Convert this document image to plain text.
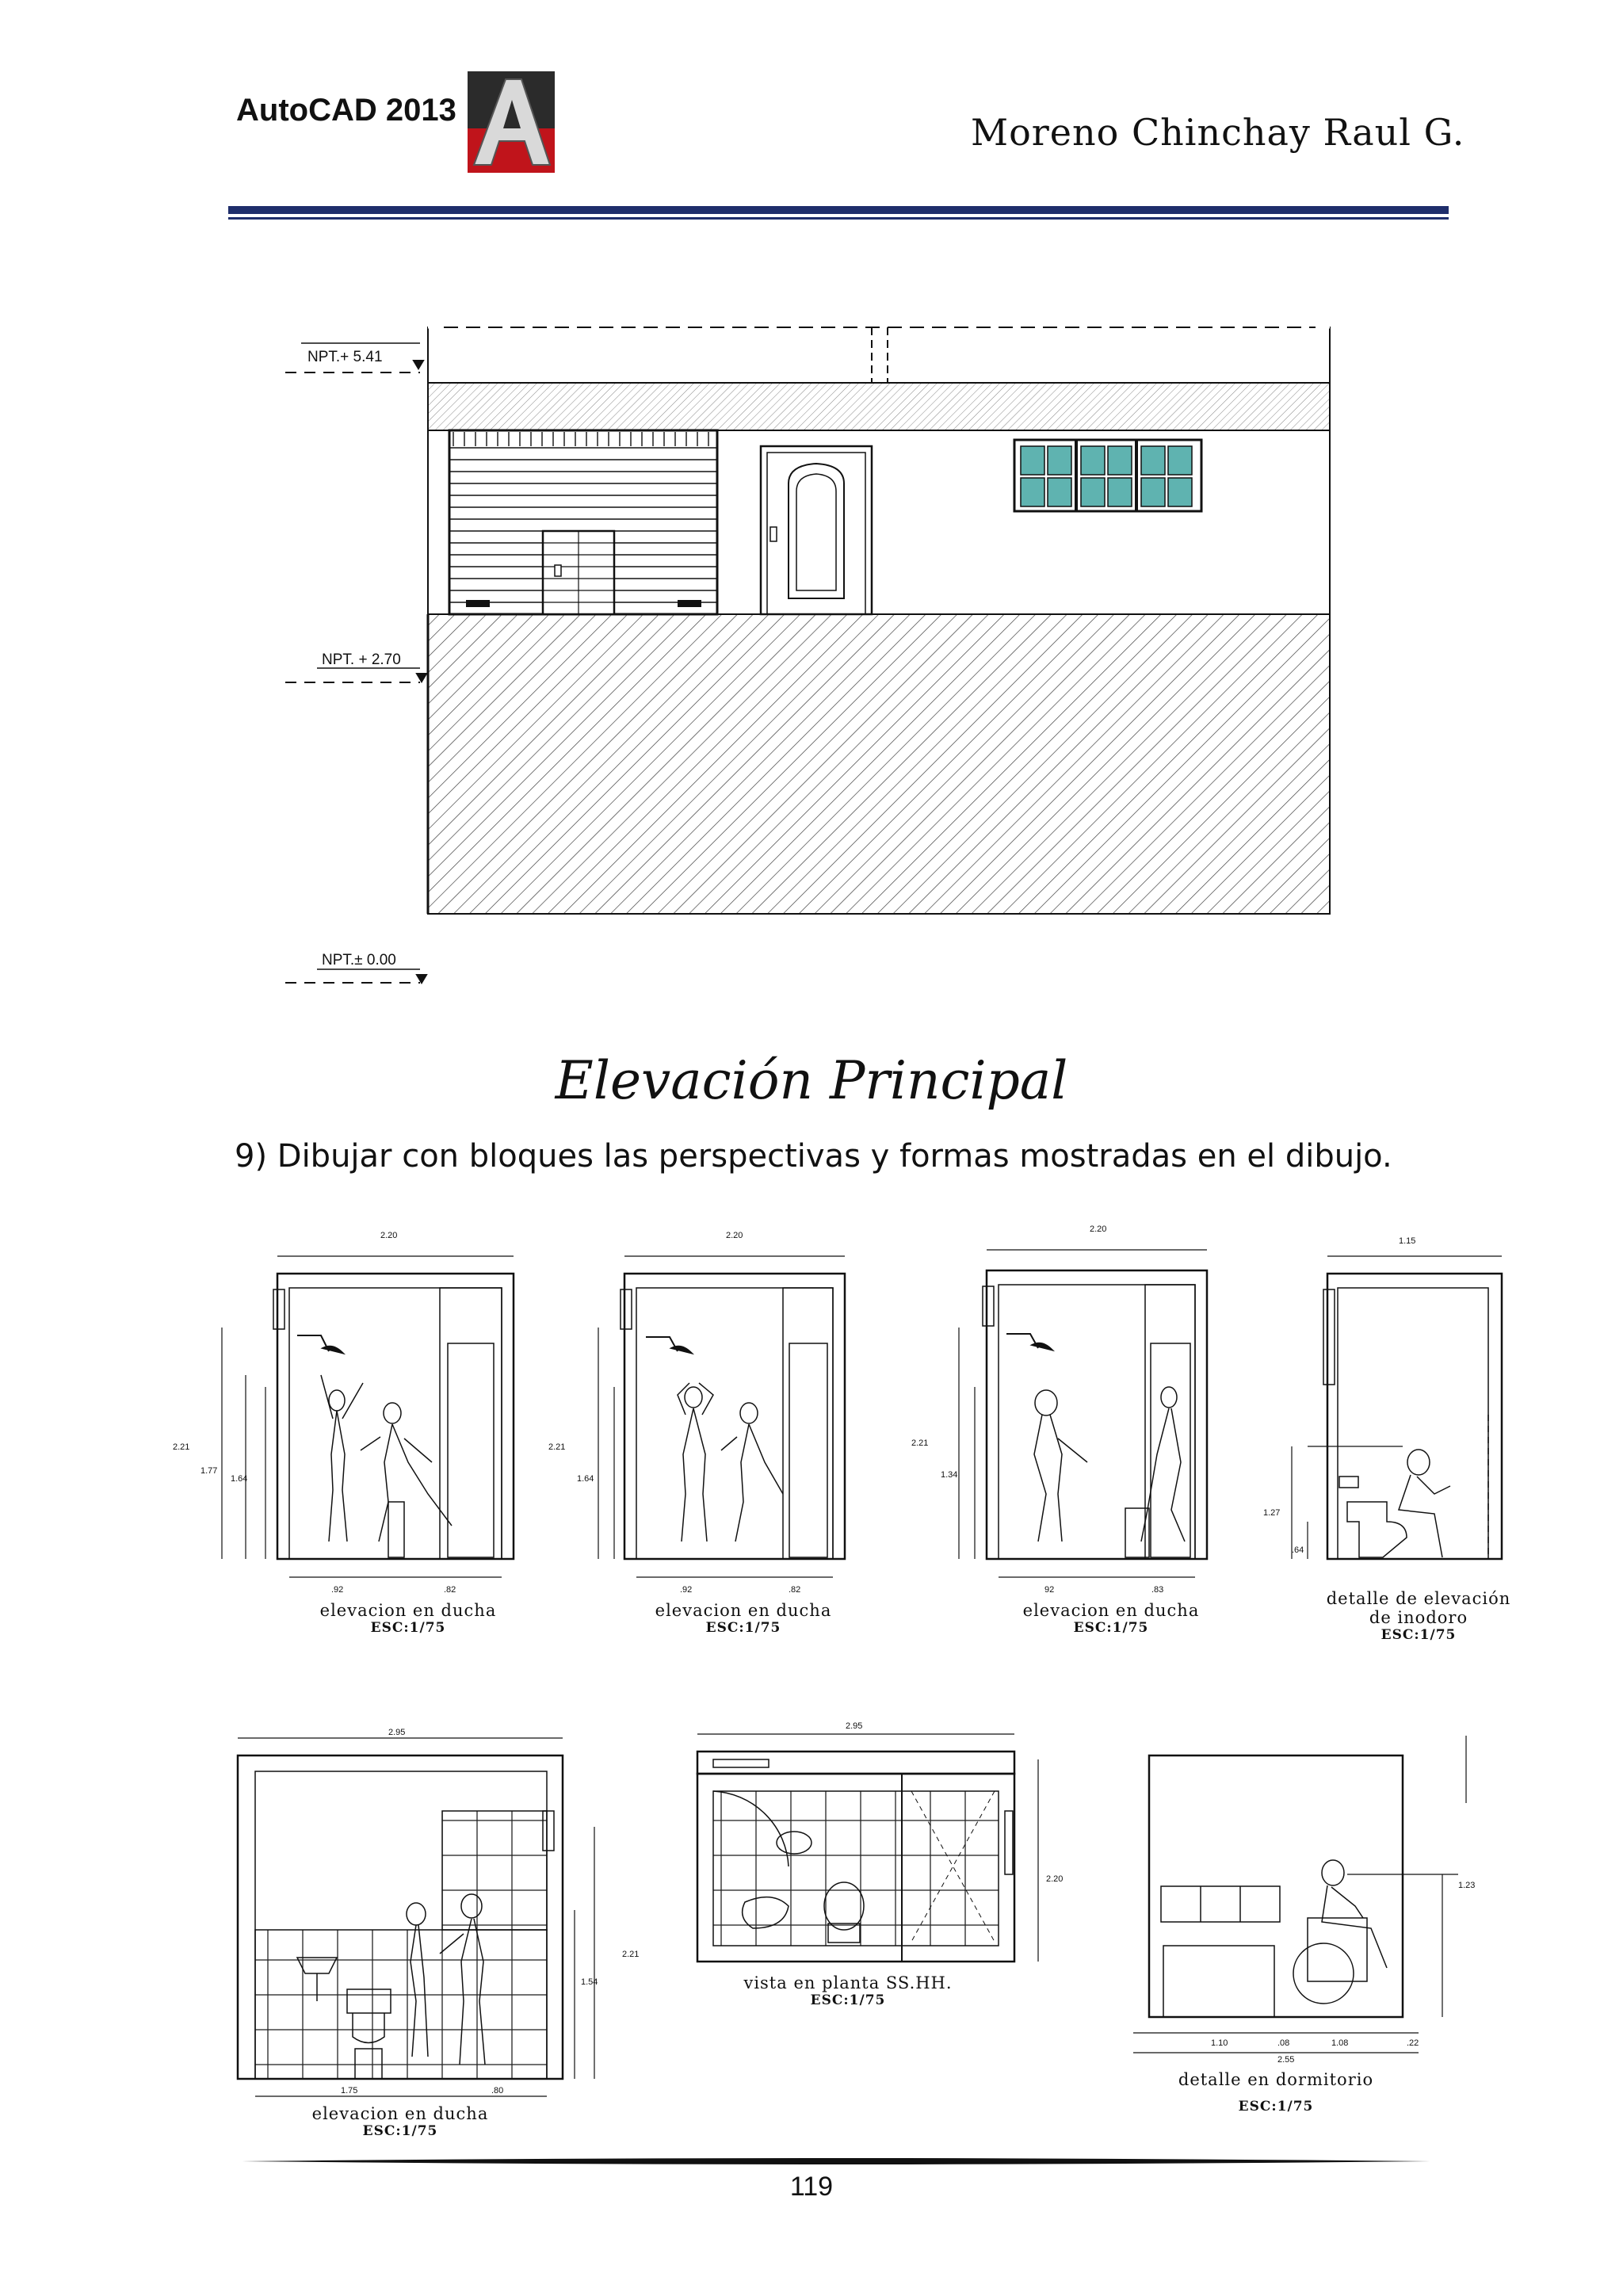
AutoCAD 2013
Moreno Chinchay Raul G.
NPT.+ 5.41
NPT. + 2.70
NPT.± 0.00
Elevación Principal
9) Dibujar con bloques las perspectivas y formas mostradas en el dibujo.
2.20
2.21
1.77
1.64
.92	.82
elevacion en ducha
ESC:1/75
2.20
2.21
1.64
.92	.82
elevacion en ducha
ESC:1/75
2.20
2.21
1.34
92	.83
elevacion en ducha
ESC:1/75
1.15
1.27
.64
detalle de elevación
de inodoro
ESC:1/75
2.95
2.21
1.54
1.75	.80
elevacion en ducha
ESC:1/75
2.95
2.20
vista en planta SS.HH.
ESC:1/75
1.23
1.10	.08	1.08	.22
2.55
detalle en dormitorio

ESC:1/75
119
